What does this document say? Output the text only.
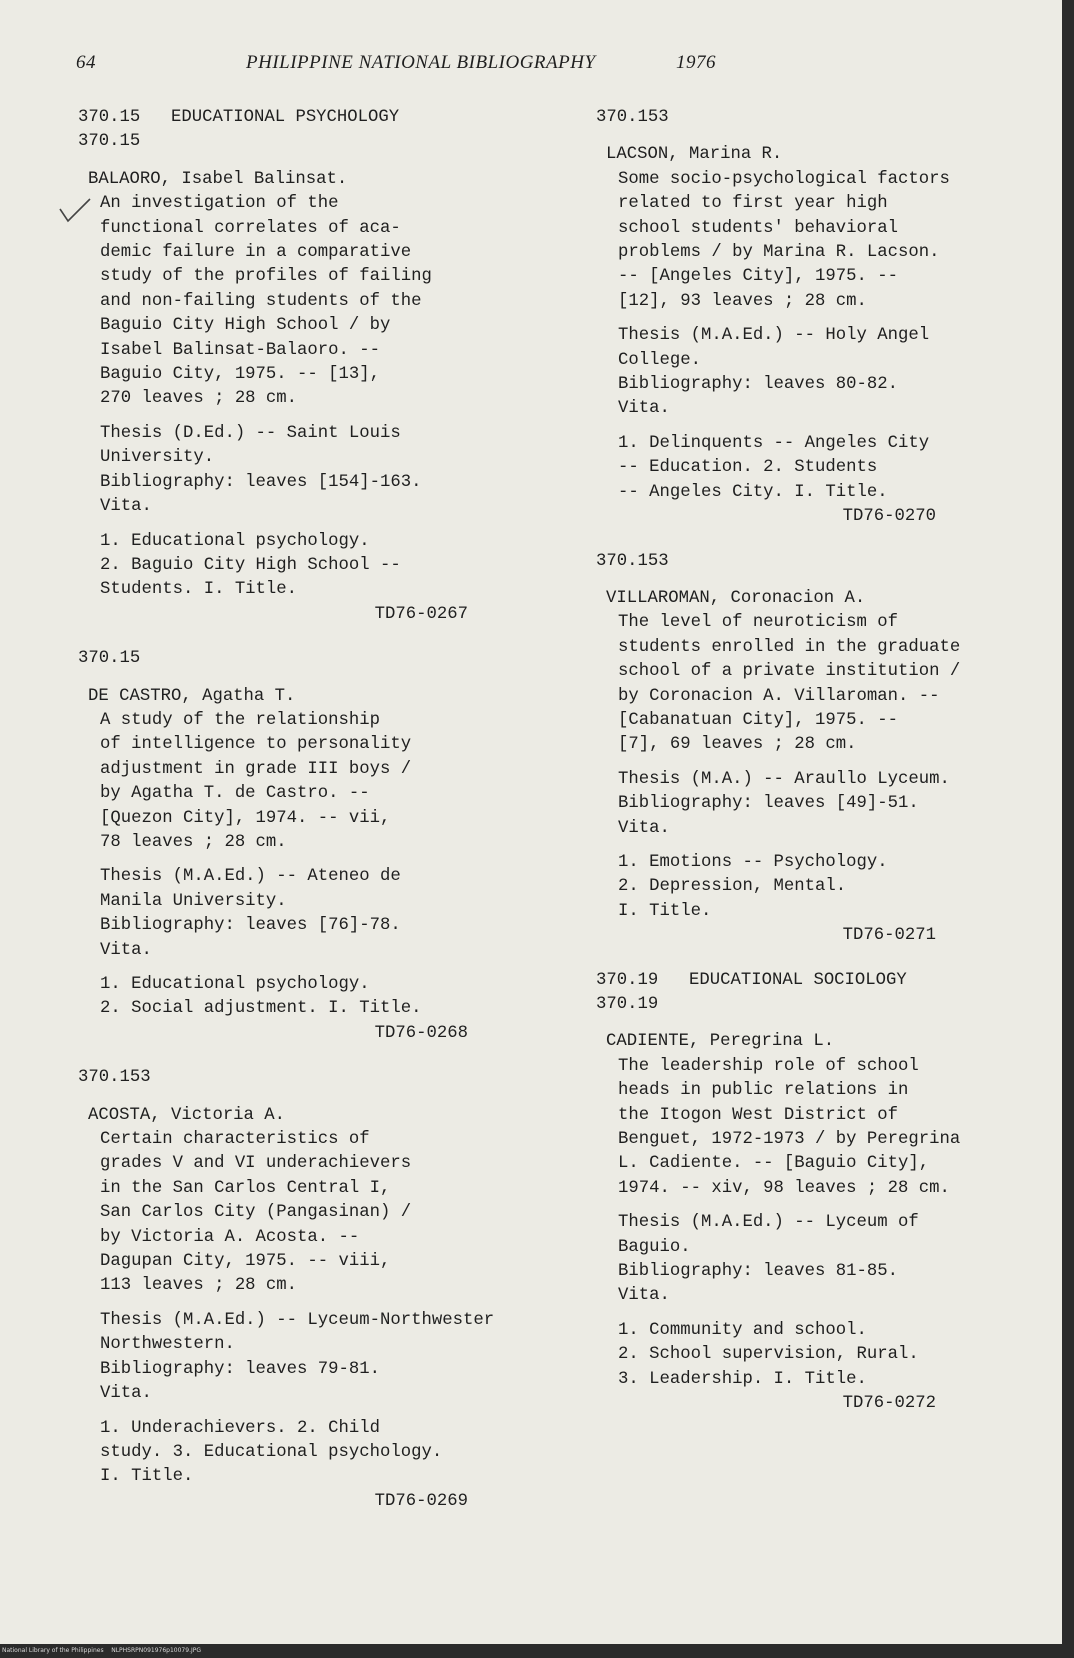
64	PHILIPPINE NATIONAL BIBLIOGRAPHY	1976

370.15 EDUCATIONAL PSYCHOLOGY

370.15

BALAORO, Isabel Balinsat.

An investigation of the

functional correlates of aca-

demic failure in a comparative

study of the profiles of failing

and non-failing students of the

Baguio City High School / by

Isabel Balinsat-Balaoro. --

Baguio City, 1975. -- [13],

270 leaves ; 28 cm.

Thesis (D.Ed.) -- Saint Louis

University.

Bibliography: leaves [154]-163.

Vita.

1. Educational psychology.

2. Baguio City High School --

Students. I. Title.

TD76-0267

370.15

DE CASTRO, Agatha T.

A study of the relationship

of intelligence to personality

adjustment in grade III boys /

by Agatha T. de Castro. --

[Quezon City], 1974. -- vii,

78 leaves ; 28 cm.

Thesis (M.A.Ed.) -- Ateneo de

Manila University.

Bibliography: leaves [76]-78.

Vita.

1. Educational psychology.

2. Social adjustment. I. Title.

TD76-0268

370.153

ACOSTA, Victoria A.

Certain characteristics of

grades V and VI underachievers

in the San Carlos Central I,

San Carlos City (Pangasinan) /

by Victoria A. Acosta. --

Dagupan City, 1975. -- viii,

113 leaves ; 28 cm.

Thesis (M.A.Ed.) -- Lyceum-Northwester

Northwestern.

Bibliography: leaves 79-81.

Vita.

1. Underachievers. 2. Child

study. 3. Educational psychology.

I. Title.

TD76-0269

370.153

LACSON, Marina R.

Some socio-psychological factors

related to first year high

school students' behavioral

problems / by Marina R. Lacson.

-- [Angeles City], 1975. --

[12], 93 leaves ; 28 cm.

Thesis (M.A.Ed.) -- Holy Angel

College.

Bibliography: leaves 80-82.

Vita.

1. Delinquents -- Angeles City

-- Education. 2. Students

-- Angeles City. I. Title.

TD76-0270

370.153

VILLAROMAN, Coronacion A.

The level of neuroticism of

students enrolled in the graduate

school of a private institution /

by Coronacion A. Villaroman. --

[Cabanatuan City], 1975. --

[7], 69 leaves ; 28 cm.

Thesis (M.A.) -- Araullo Lyceum.

Bibliography: leaves [49]-51.

Vita.

1. Emotions -- Psychology.

2. Depression, Mental.

I. Title.

TD76-0271

370.19 EDUCATIONAL SOCIOLOGY

370.19

CADIENTE, Peregrina L.

The leadership role of school

heads in public relations in

the Itogon West District of

Benguet, 1972-1973 / by Peregrina

L. Cadiente. -- [Baguio City],

1974. -- xiv, 98 leaves ; 28 cm.

Thesis (M.A.Ed.) -- Lyceum of

Baguio.

Bibliography: leaves 81-85.

Vita.

1. Community and school.

2. School supervision, Rural.

3. Leadership. I. Title.

TD76-0272

National Library of the Philippines NLPHSRPN091976p10079.JPG
